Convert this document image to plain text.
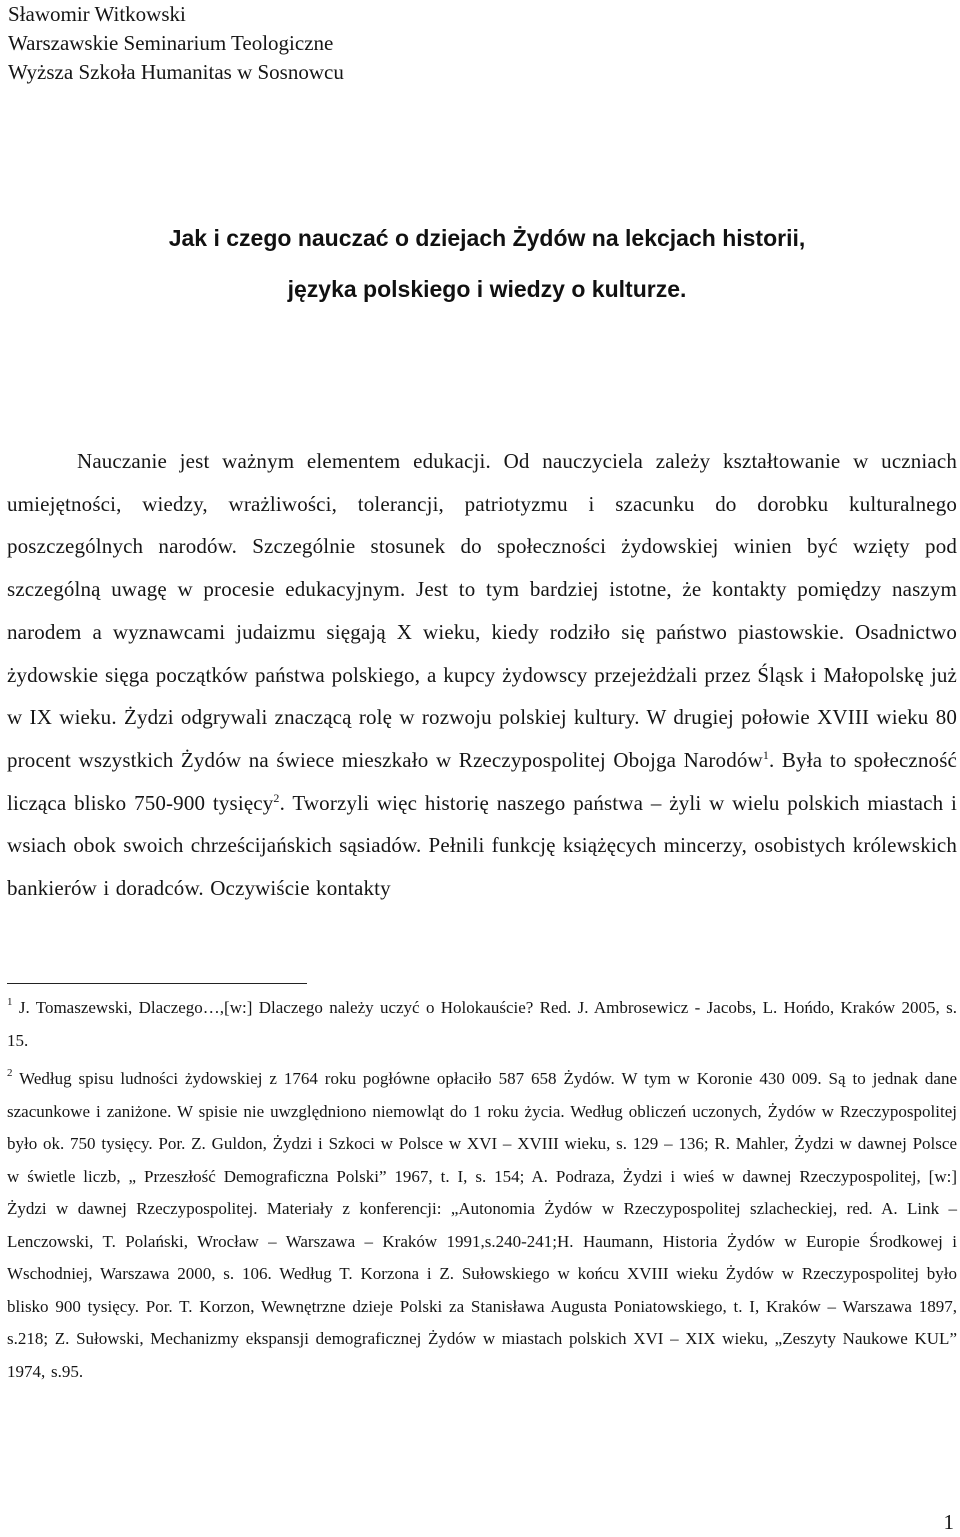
Sławomir Witkowski
Warszawskie Seminarium Teologiczne
Wyższa Szkoła Humanitas w Sosnowcu
Jak i czego nauczać o dziejach Żydów na lekcjach historii,
języka polskiego i wiedzy o kulturze.
Nauczanie jest ważnym elementem edukacji. Od nauczyciela zależy kształtowanie w uczniach umiejętności, wiedzy, wrażliwości, tolerancji, patriotyzmu i szacunku do dorobku kulturalnego poszczególnych narodów. Szczególnie stosunek do społeczności żydowskiej winien być wzięty pod szczególną uwagę w procesie edukacyjnym. Jest to tym bardziej istotne, że kontakty pomiędzy naszym narodem a wyznawcami judaizmu sięgają X wieku, kiedy rodziło się państwo piastowskie. Osadnictwo żydowskie sięga początków państwa polskiego, a kupcy żydowscy przejeżdżali przez Śląsk i Małopolskę już w IX wieku. Żydzi odgrywali znaczącą rolę w rozwoju polskiej kultury. W drugiej połowie XVIII wieku 80 procent wszystkich Żydów na świece mieszkało w Rzeczypospolitej Obojga Narodów$^1$. Była to społeczność licząca blisko 750-900 tysięcy$^2$. Tworzyli więc historię naszego państwa – żyli w wielu polskich miastach i wsiach obok swoich chrześcijańskich sąsiadów. Pełnili funkcję książęcych mincerzy, osobistych królewskich bankierów i doradców. Oczywiście kontakty

$^1$ J. Tomaszewski, Dlaczego…,[w:] Dlaczego należy uczyć o Holokauście? Red. J. Ambrosewicz - Jacobs, L. Hońdo, Kraków 2005, s. 15.

$^2$ Według spisu ludności żydowskiej z 1764 roku pogłówne opłaciło 587 658 Żydów. W tym w Koronie 430 009. Są to jednak dane szacunkowe i zaniżone. W spisie nie uwzględniono niemowląt do 1 roku życia. Według obliczeń uczonych, Żydów w Rzeczypospolitej było ok. 750 tysięcy. Por. Z. Guldon, Żydzi i Szkoci w Polsce w XVI – XVIII wieku, s. 129 – 136; R. Mahler, Żydzi w dawnej Polsce w świetle liczb, „ Przeszłość Demograficzna Polski” 1967, t. I, s. 154; A. Podraza, Żydzi i wieś w dawnej Rzeczypospolitej, [w:] Żydzi w dawnej Rzeczypospolitej. Materiały z konferencji: „Autonomia Żydów w Rzeczypospolitej szlacheckiej, red. A. Link – Lenczowski, T. Polański, Wrocław – Warszawa – Kraków 1991,s.240-241;H. Haumann, Historia Żydów w Europie Środkowej i Wschodniej, Warszawa 2000, s. 106. Według T. Korzona i Z. Sułowskiego w końcu XVIII wieku Żydów w Rzeczypospolitej było blisko 900 tysięcy. Por. T. Korzon, Wewnętrzne dzieje Polski za Stanisława Augusta Poniatowskiego, t. I, Kraków – Warszawa 1897, s.218; Z. Sułowski, Mechanizmy ekspansji demograficznej Żydów w miastach polskich XVI – XIX wieku, „Zeszyty Naukowe KUL” 1974, s.95.

1
